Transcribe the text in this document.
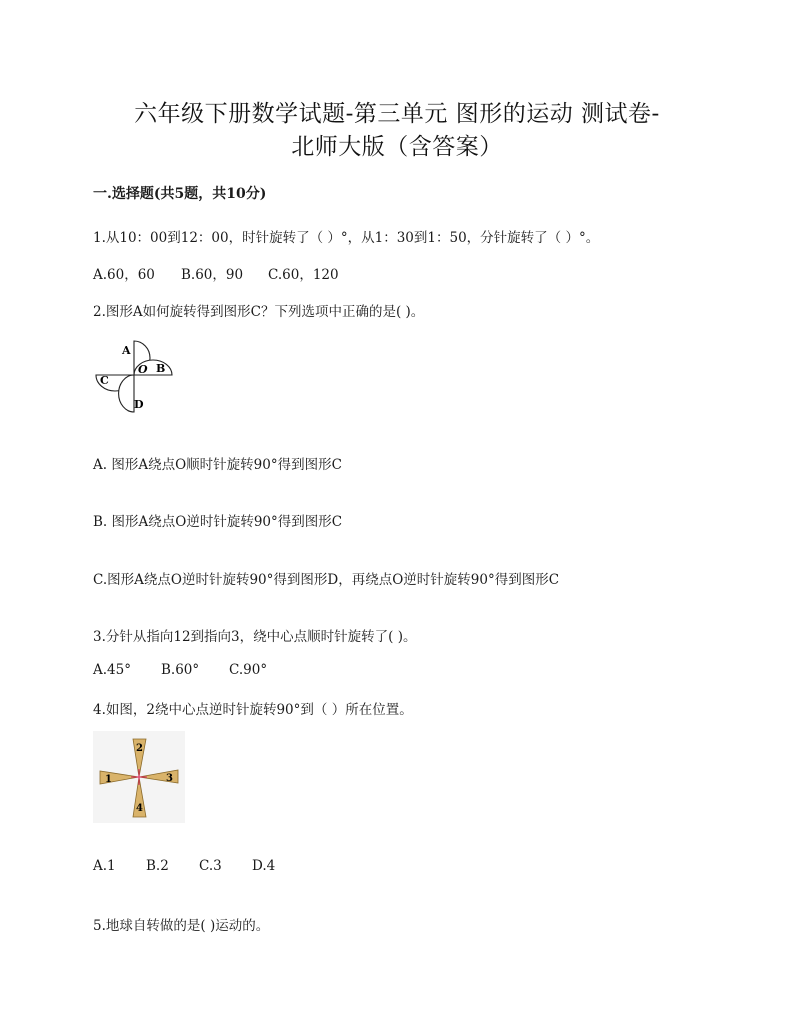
六年级下册数学试题-第三单元 图形的运动 测试卷-
北师大版（含答案）
一.选择题(共5题，共10分)
1.从10：00到12：00，时针旋转了（ ）°，从1：30到1：50，分针旋转了（ ）°。
A.60，60 B.60，90 C.60，120
2.图形A如何旋转得到图形C？下列选项中正确的是( )。
A
B
C
D
O
A. 图形A绕点O顺时针旋转90°得到图形C
B. 图形A绕点O逆时针旋转90°得到图形C
C.图形A绕点O逆时针旋转90°得到图形D，再绕点O逆时针旋转90°得到图形C
3.分针从指向12到指向3，绕中心点顺时针旋转了( )。
A.45° B.60° C.90°
4.如图，2绕中心点逆时针旋转90°到（ ）所在位置。
2
1	3
4
A.1 B.2 C.3 D.4
5.地球自转做的是( )运动的。
